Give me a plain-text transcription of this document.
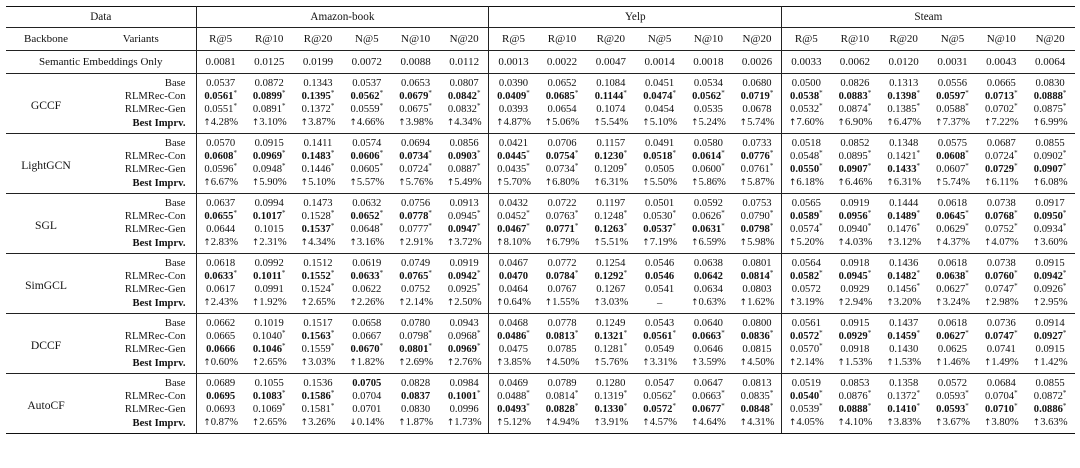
Data		Amazon-book						Yelp						Steam					
Backbone	Variants	R@5	R@10	R@20	N@5	N@10	N@20	R@5	R@10	R@20	N@5	N@10	N@20	R@5	R@10	R@20	N@5	N@10	N@20
Semantic Embeddings Only		0.0081	0.0125	0.0199	0.0072	0.0088	0.0112	0.0013	0.0022	0.0047	0.0014	0.0018	0.0026	0.0033	0.0062	0.0120	0.0031	0.0043	0.0064
GCCF	Base	0.0537	0.0872	0.1343	0.0537	0.0653	0.0807	0.0390	0.0652	0.1084	0.0451	0.0534	0.0680	0.0500	0.0826	0.1313	0.0556	0.0665	0.0830
	RLMRec-Con	0.0561*	0.0899*	0.1395*	0.0562*	0.0679*	0.0842*	0.0409*	0.0685*	0.1144*	0.0474*	0.0562*	0.0719*	0.0538*	0.0883*	0.1398*	0.0597*	0.0713*	0.0888*
	RLMRec-Gen	0.0551*	0.0891*	0.1372*	0.0559*	0.0675*	0.0832*	0.0393	0.0654	0.1074	0.0454	0.0535	0.0678	0.0532*	0.0874*	0.1385*	0.0588*	0.0702*	0.0875*
	Best Imprv.	↑4.28%	↑3.10%	↑3.87%	↑4.66%	↑3.98%	↑4.34%	↑4.87%	↑5.06%	↑5.54%	↑5.10%	↑5.24%	↑5.74%	↑7.60%	↑6.90%	↑6.47%	↑7.37%	↑7.22%	↑6.99%
LightGCN	Base	0.0570	0.0915	0.1411	0.0574	0.0694	0.0856	0.0421	0.0706	0.1157	0.0491	0.0580	0.0733	0.0518	0.0852	0.1348	0.0575	0.0687	0.0855
	RLMRec-Con	0.0608*	0.0969*	0.1483*	0.0606*	0.0734*	0.0903*	0.0445*	0.0754*	0.1230*	0.0518*	0.0614*	0.0776*	0.0548*	0.0895*	0.1421*	0.0608*	0.0724*	0.0902*
	RLMRec-Gen	0.0596*	0.0948*	0.1446*	0.0605*	0.0724*	0.0887*	0.0435*	0.0734*	0.1209*	0.0505	0.0600*	0.0761*	0.0550*	0.0907*	0.1433*	0.0607*	0.0729*	0.0907*
	Best Imprv.	↑6.67%	↑5.90%	↑5.10%	↑5.57%	↑5.76%	↑5.49%	↑5.70%	↑6.80%	↑6.31%	↑5.50%	↑5.86%	↑5.87%	↑6.18%	↑6.46%	↑6.31%	↑5.74%	↑6.11%	↑6.08%
SGL	Base	0.0637	0.0994	0.1473	0.0632	0.0756	0.0913	0.0432	0.0722	0.1197	0.0501	0.0592	0.0753	0.0565	0.0919	0.1444	0.0618	0.0738	0.0917
	RLMRec-Con	0.0655*	0.1017*	0.1528*	0.0652*	0.0778*	0.0945*	0.0452*	0.0763*	0.1248*	0.0530*	0.0626*	0.0790*	0.0589*	0.0956*	0.1489*	0.0645*	0.0768*	0.0950*
	RLMRec-Gen	0.0644	0.1015	0.1537*	0.0648*	0.0777*	0.0947*	0.0467*	0.0771*	0.1263*	0.0537*	0.0631*	0.0798*	0.0574*	0.0940*	0.1476*	0.0629*	0.0752*	0.0934*
	Best Imprv.	↑2.83%	↑2.31%	↑4.34%	↑3.16%	↑2.91%	↑3.72%	↑8.10%	↑6.79%	↑5.51%	↑7.19%	↑6.59%	↑5.98%	↑5.20%	↑4.03%	↑3.12%	↑4.37%	↑4.07%	↑3.60%
SimGCL	Base	0.0618	0.0992	0.1512	0.0619	0.0749	0.0919	0.0467	0.0772	0.1254	0.0546	0.0638	0.0801	0.0564	0.0918	0.1436	0.0618	0.0738	0.0915
	RLMRec-Con	0.0633*	0.1011*	0.1552*	0.0633*	0.0765*	0.0942*	0.0470	0.0784*	0.1292*	0.0546	0.0642	0.0814*	0.0582*	0.0945*	0.1482*	0.0638*	0.0760*	0.0942*
	RLMRec-Gen	0.0617	0.0991	0.1524*	0.0622	0.0752	0.0925*	0.0464	0.0767	0.1267	0.0541	0.0634	0.0803	0.0572	0.0929	0.1456*	0.0627*	0.0747*	0.0926*
	Best Imprv.	↑2.43%	↑1.92%	↑2.65%	↑2.26%	↑2.14%	↑2.50%	↑0.64%	↑1.55%	↑3.03%	–	↑0.63%	↑1.62%	↑3.19%	↑2.94%	↑3.20%	↑3.24%	↑2.98%	↑2.95%
DCCF	Base	0.0662	0.1019	0.1517	0.0658	0.0780	0.0943	0.0468	0.0778	0.1249	0.0543	0.0640	0.0800	0.0561	0.0915	0.1437	0.0618	0.0736	0.0914
	RLMRec-Con	0.0665	0.1040*	0.1563*	0.0667	0.0798*	0.0968*	0.0486*	0.0813*	0.1321*	0.0561*	0.0663*	0.0836*	0.0572*	0.0929*	0.1459*	0.0627*	0.0747*	0.0927*
	RLMRec-Gen	0.0666	0.1046*	0.1559*	0.0670*	0.0801*	0.0969*	0.0475	0.0785	0.1281*	0.0549	0.0646	0.0815	0.0570*	0.0918	0.1430	0.0625	0.0741	0.0915
	Best Imprv.	↑0.60%	↑2.65%	↑3.03%	↑1.82%	↑2.69%	↑2.76%	↑3.85%	↑4.50%	↑5.76%	↑3.31%	↑3.59%	↑4.50%	↑2.14%	↑1.53%	↑1.53%	↑1.46%	↑1.49%	↑1.42%
AutoCF	Base	0.0689	0.1055	0.1536	0.0705	0.0828	0.0984	0.0469	0.0789	0.1280	0.0547	0.0647	0.0813	0.0519	0.0853	0.1358	0.0572	0.0684	0.0855
	RLMRec-Con	0.0695	0.1083*	0.1586*	0.0704	0.0837	0.1001*	0.0488*	0.0814*	0.1319*	0.0562*	0.0663*	0.0835*	0.0540*	0.0876*	0.1372*	0.0593*	0.0704*	0.0872*
	RLMRec-Gen	0.0693	0.1069*	0.1581*	0.0701	0.0830	0.0996	0.0493*	0.0828*	0.1330*	0.0572*	0.0677*	0.0848*	0.0539*	0.0888*	0.1410*	0.0593*	0.0710*	0.0886*
	Best Imprv.	↑0.87%	↑2.65%	↑3.26%	↓0.14%	↑1.87%	↑1.73%	↑5.12%	↑4.94%	↑3.91%	↑4.57%	↑4.64%	↑4.31%	↑4.05%	↑4.10%	↑3.83%	↑3.67%	↑3.80%	↑3.63%
